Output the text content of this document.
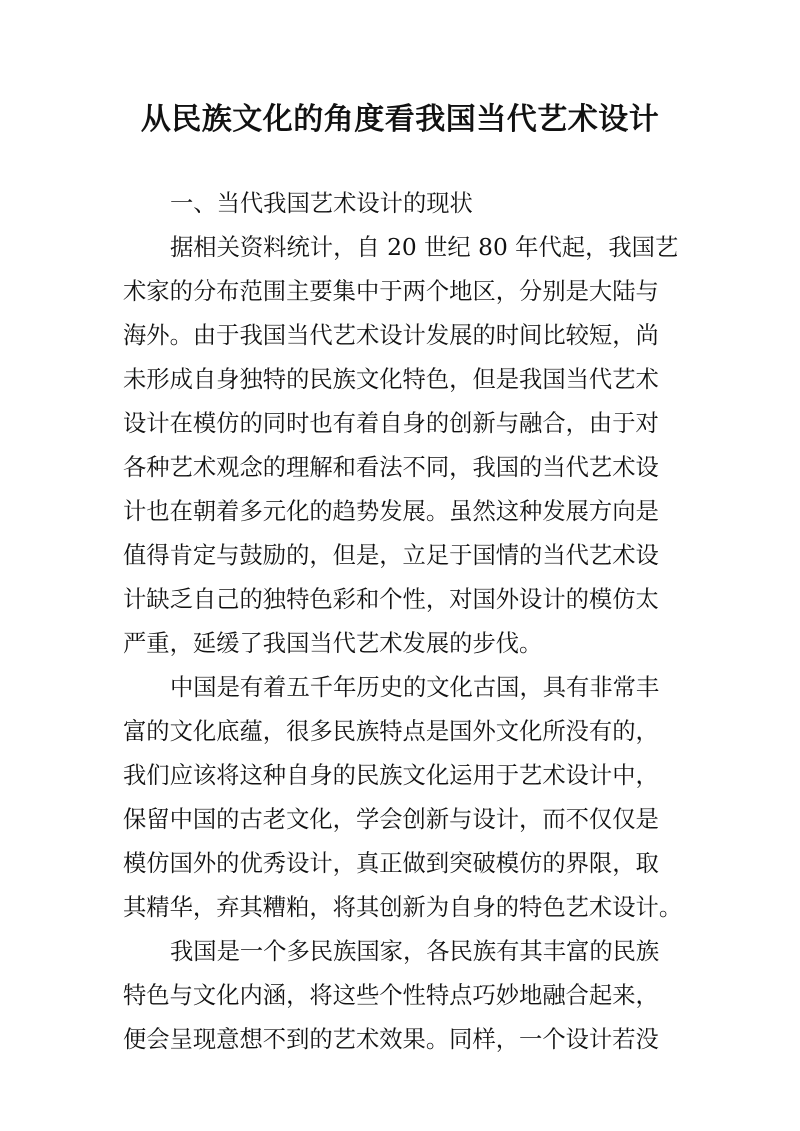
从民族文化的角度看我国当代艺术设计
一、当代我国艺术设计的现状
据相关资料统计，自 20 世纪 80 年代起，我国艺
术家的分布范围主要集中于两个地区，分别是大陆与
海外。由于我国当代艺术设计发展的时间比较短，尚
未形成自身独特的民族文化特色，但是我国当代艺术
设计在模仿的同时也有着自身的创新与融合，由于对
各种艺术观念的理解和看法不同，我国的当代艺术设
计也在朝着多元化的趋势发展。虽然这种发展方向是
值得肯定与鼓励的，但是，立足于国情的当代艺术设
计缺乏自己的独特色彩和个性，对国外设计的模仿太
严重，延缓了我国当代艺术发展的步伐。
中国是有着五千年历史的文化古国，具有非常丰
富的文化底蕴，很多民族特点是国外文化所没有的，
我们应该将这种自身的民族文化运用于艺术设计中，
保留中国的古老文化，学会创新与设计，而不仅仅是
模仿国外的优秀设计，真正做到突破模仿的界限，取
其精华，弃其糟粕，将其创新为自身的特色艺术设计。
我国是一个多民族国家，各民族有其丰富的民族
特色与文化内涵，将这些个性特点巧妙地融合起来，
便会呈现意想不到的艺术效果。同样，一个设计若没
